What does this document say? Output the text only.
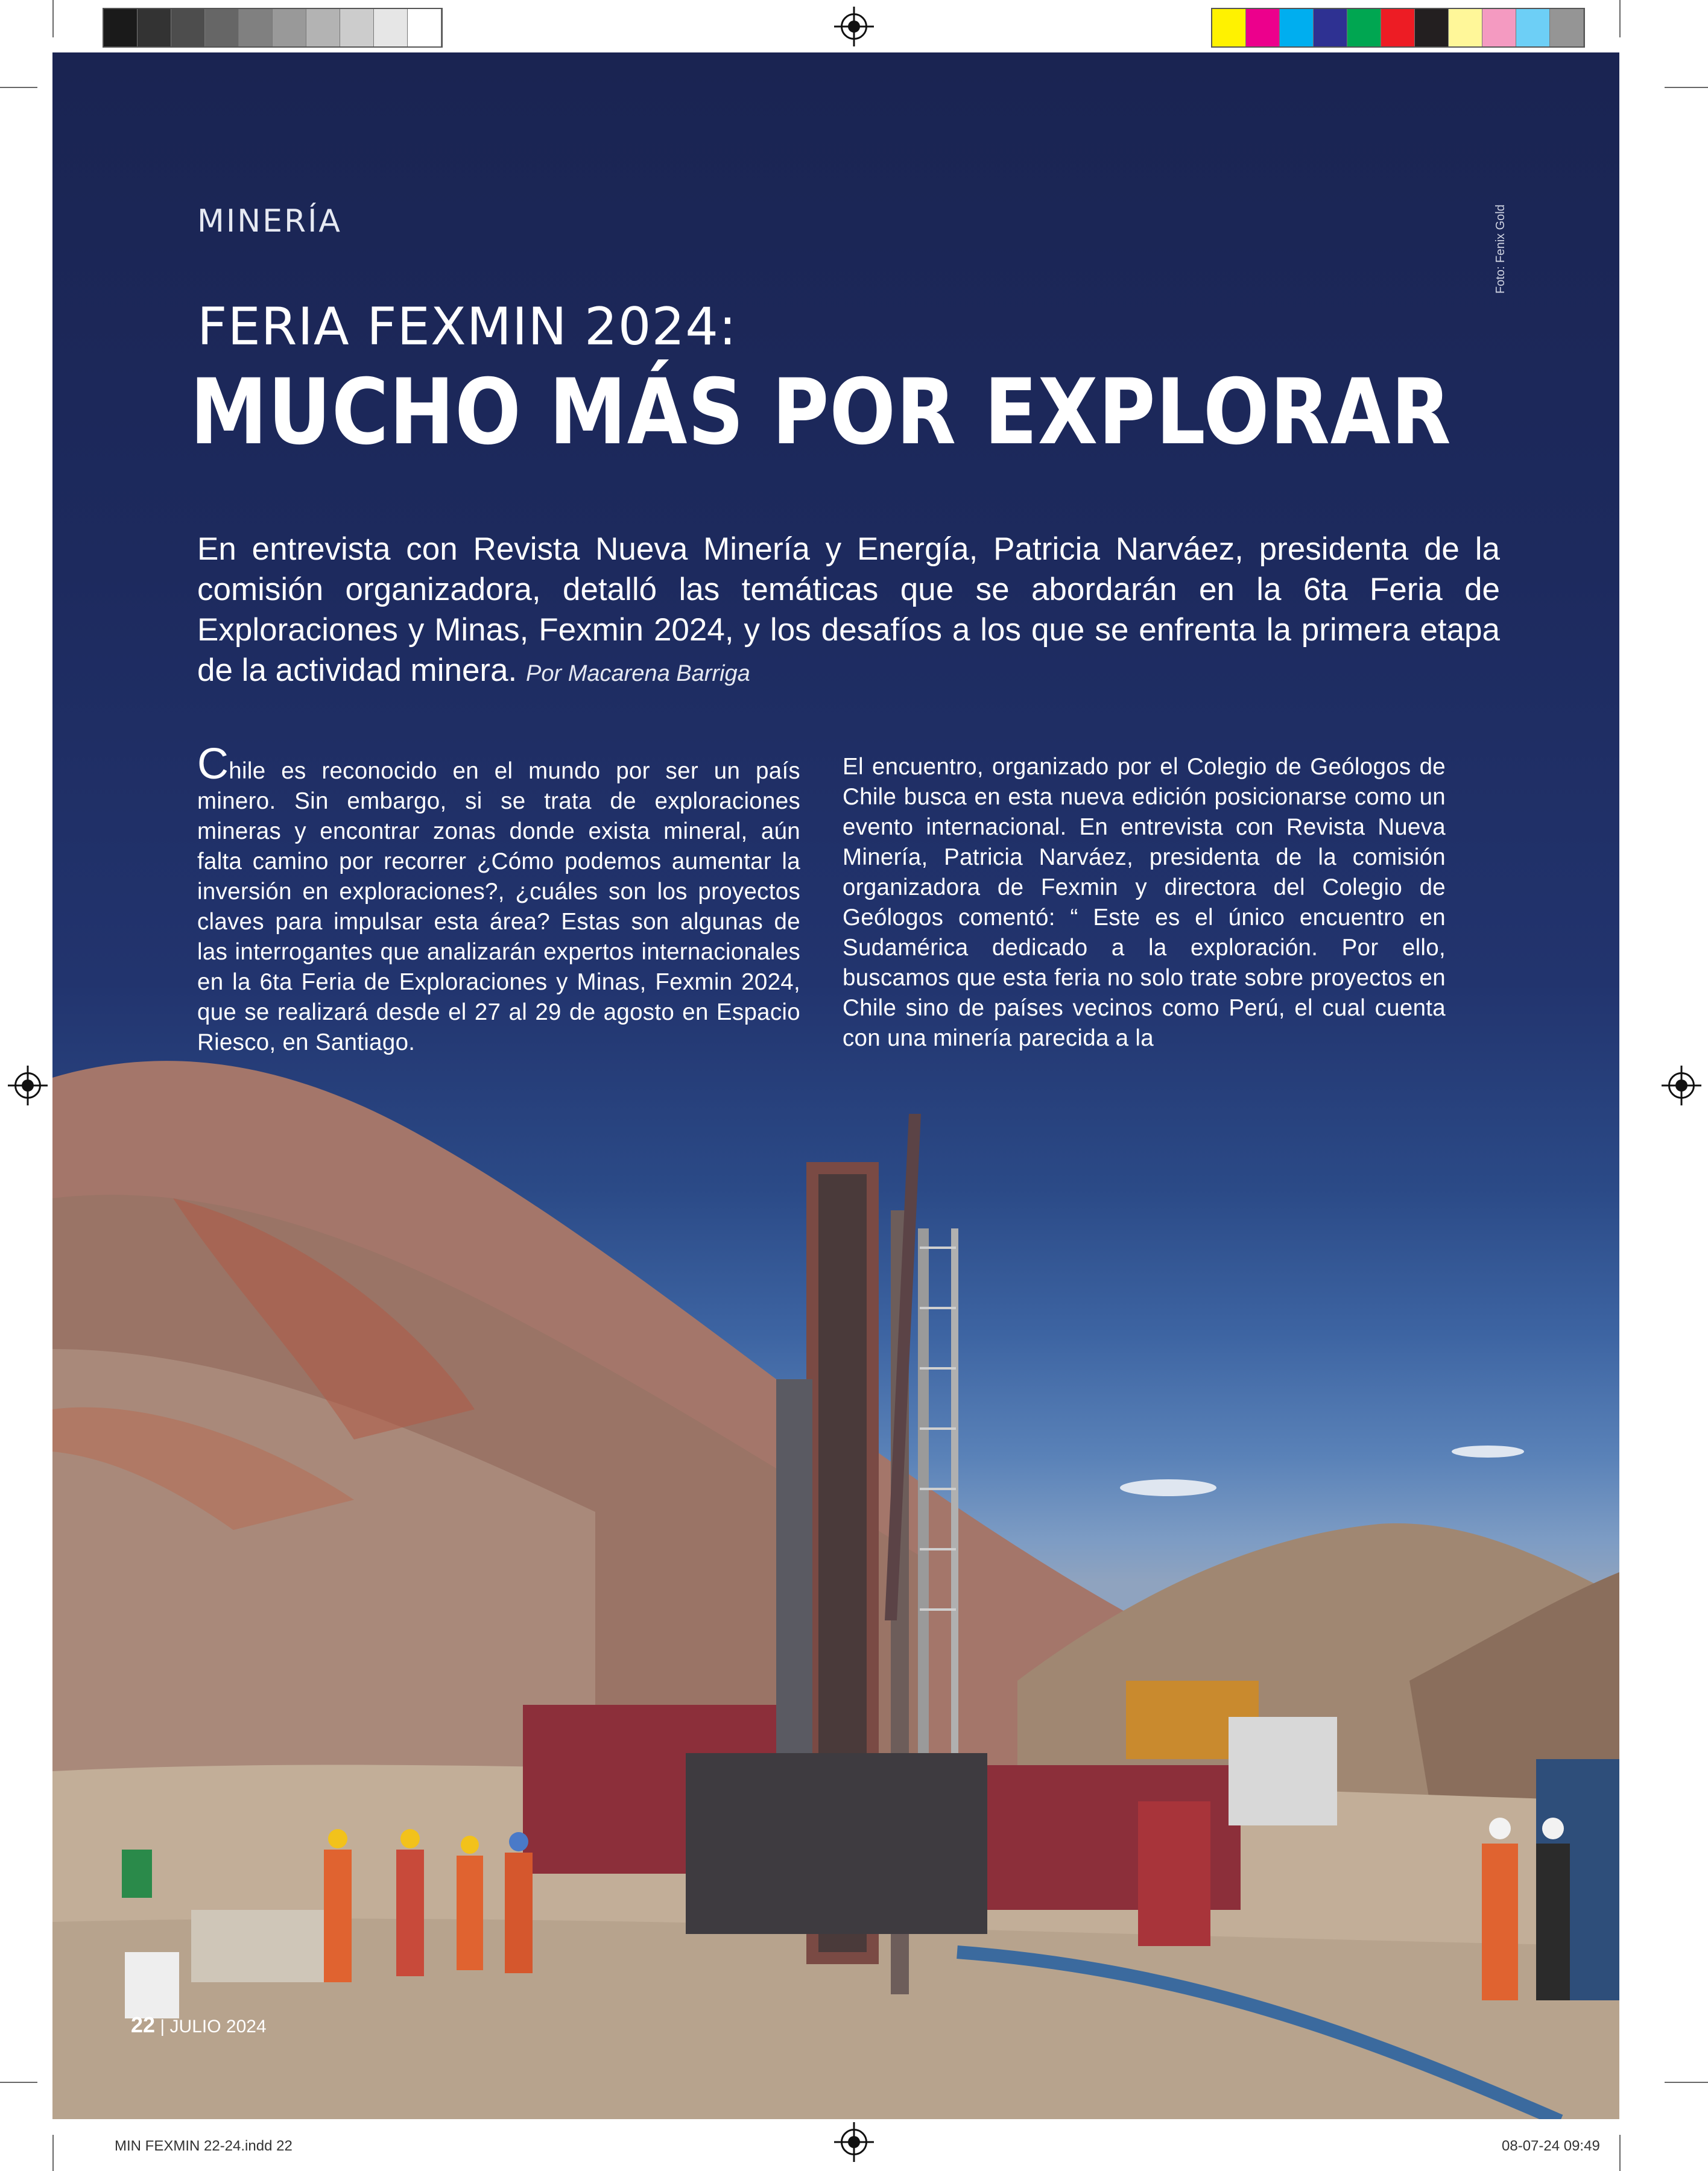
MINERÍA	Foto: Fenix Gold
FERIA FEXMIN 2024:
MUCHO MÁS POR EXPLORAR
En entrevista con Revista Nueva Minería y Energía, Patricia Narváez, presidenta de la comisión organizadora, detalló las temáticas que se abordarán en la 6ta Feria de Exploraciones y Minas, Fexmin 2024, y los desafíos a los que se enfrenta la primera etapa de la actividad minera. Por Macarena Barriga
Chile es reconocido en el mundo por ser un país minero. Sin embargo, si se trata de exploraciones mineras y encontrar zonas donde exista mineral, aún falta camino por recorrer ¿Cómo podemos aumentar la inversión en exploraciones?, ¿cuáles son los proyectos claves para impulsar esta área? Estas son algunas de las interrogantes que analizarán expertos internacionales en la 6ta Feria de Exploraciones y Minas, Fexmin 2024, que se realizará desde el 27 al 29 de agosto en Espacio Riesco, en Santiago.
El encuentro, organizado por el Colegio de Geólogos de Chile busca en esta nueva edición posicionarse como un evento internacional. En entrevista con Revista Nueva Minería, Patricia Narváez, presidenta de la comisión organizadora de Fexmin y directora del Colegio de Geólogos comentó: “ Este es el único encuentro en Sudamérica dedicado a la exploración. Por ello, buscamos que esta feria no solo trate sobre proyectos en Chile sino de países vecinos como Perú, el cual cuenta con una minería parecida a la
22 | JULIO 2024
MIN FEXMIN 22-24.indd 22	08-07-24 09:49
